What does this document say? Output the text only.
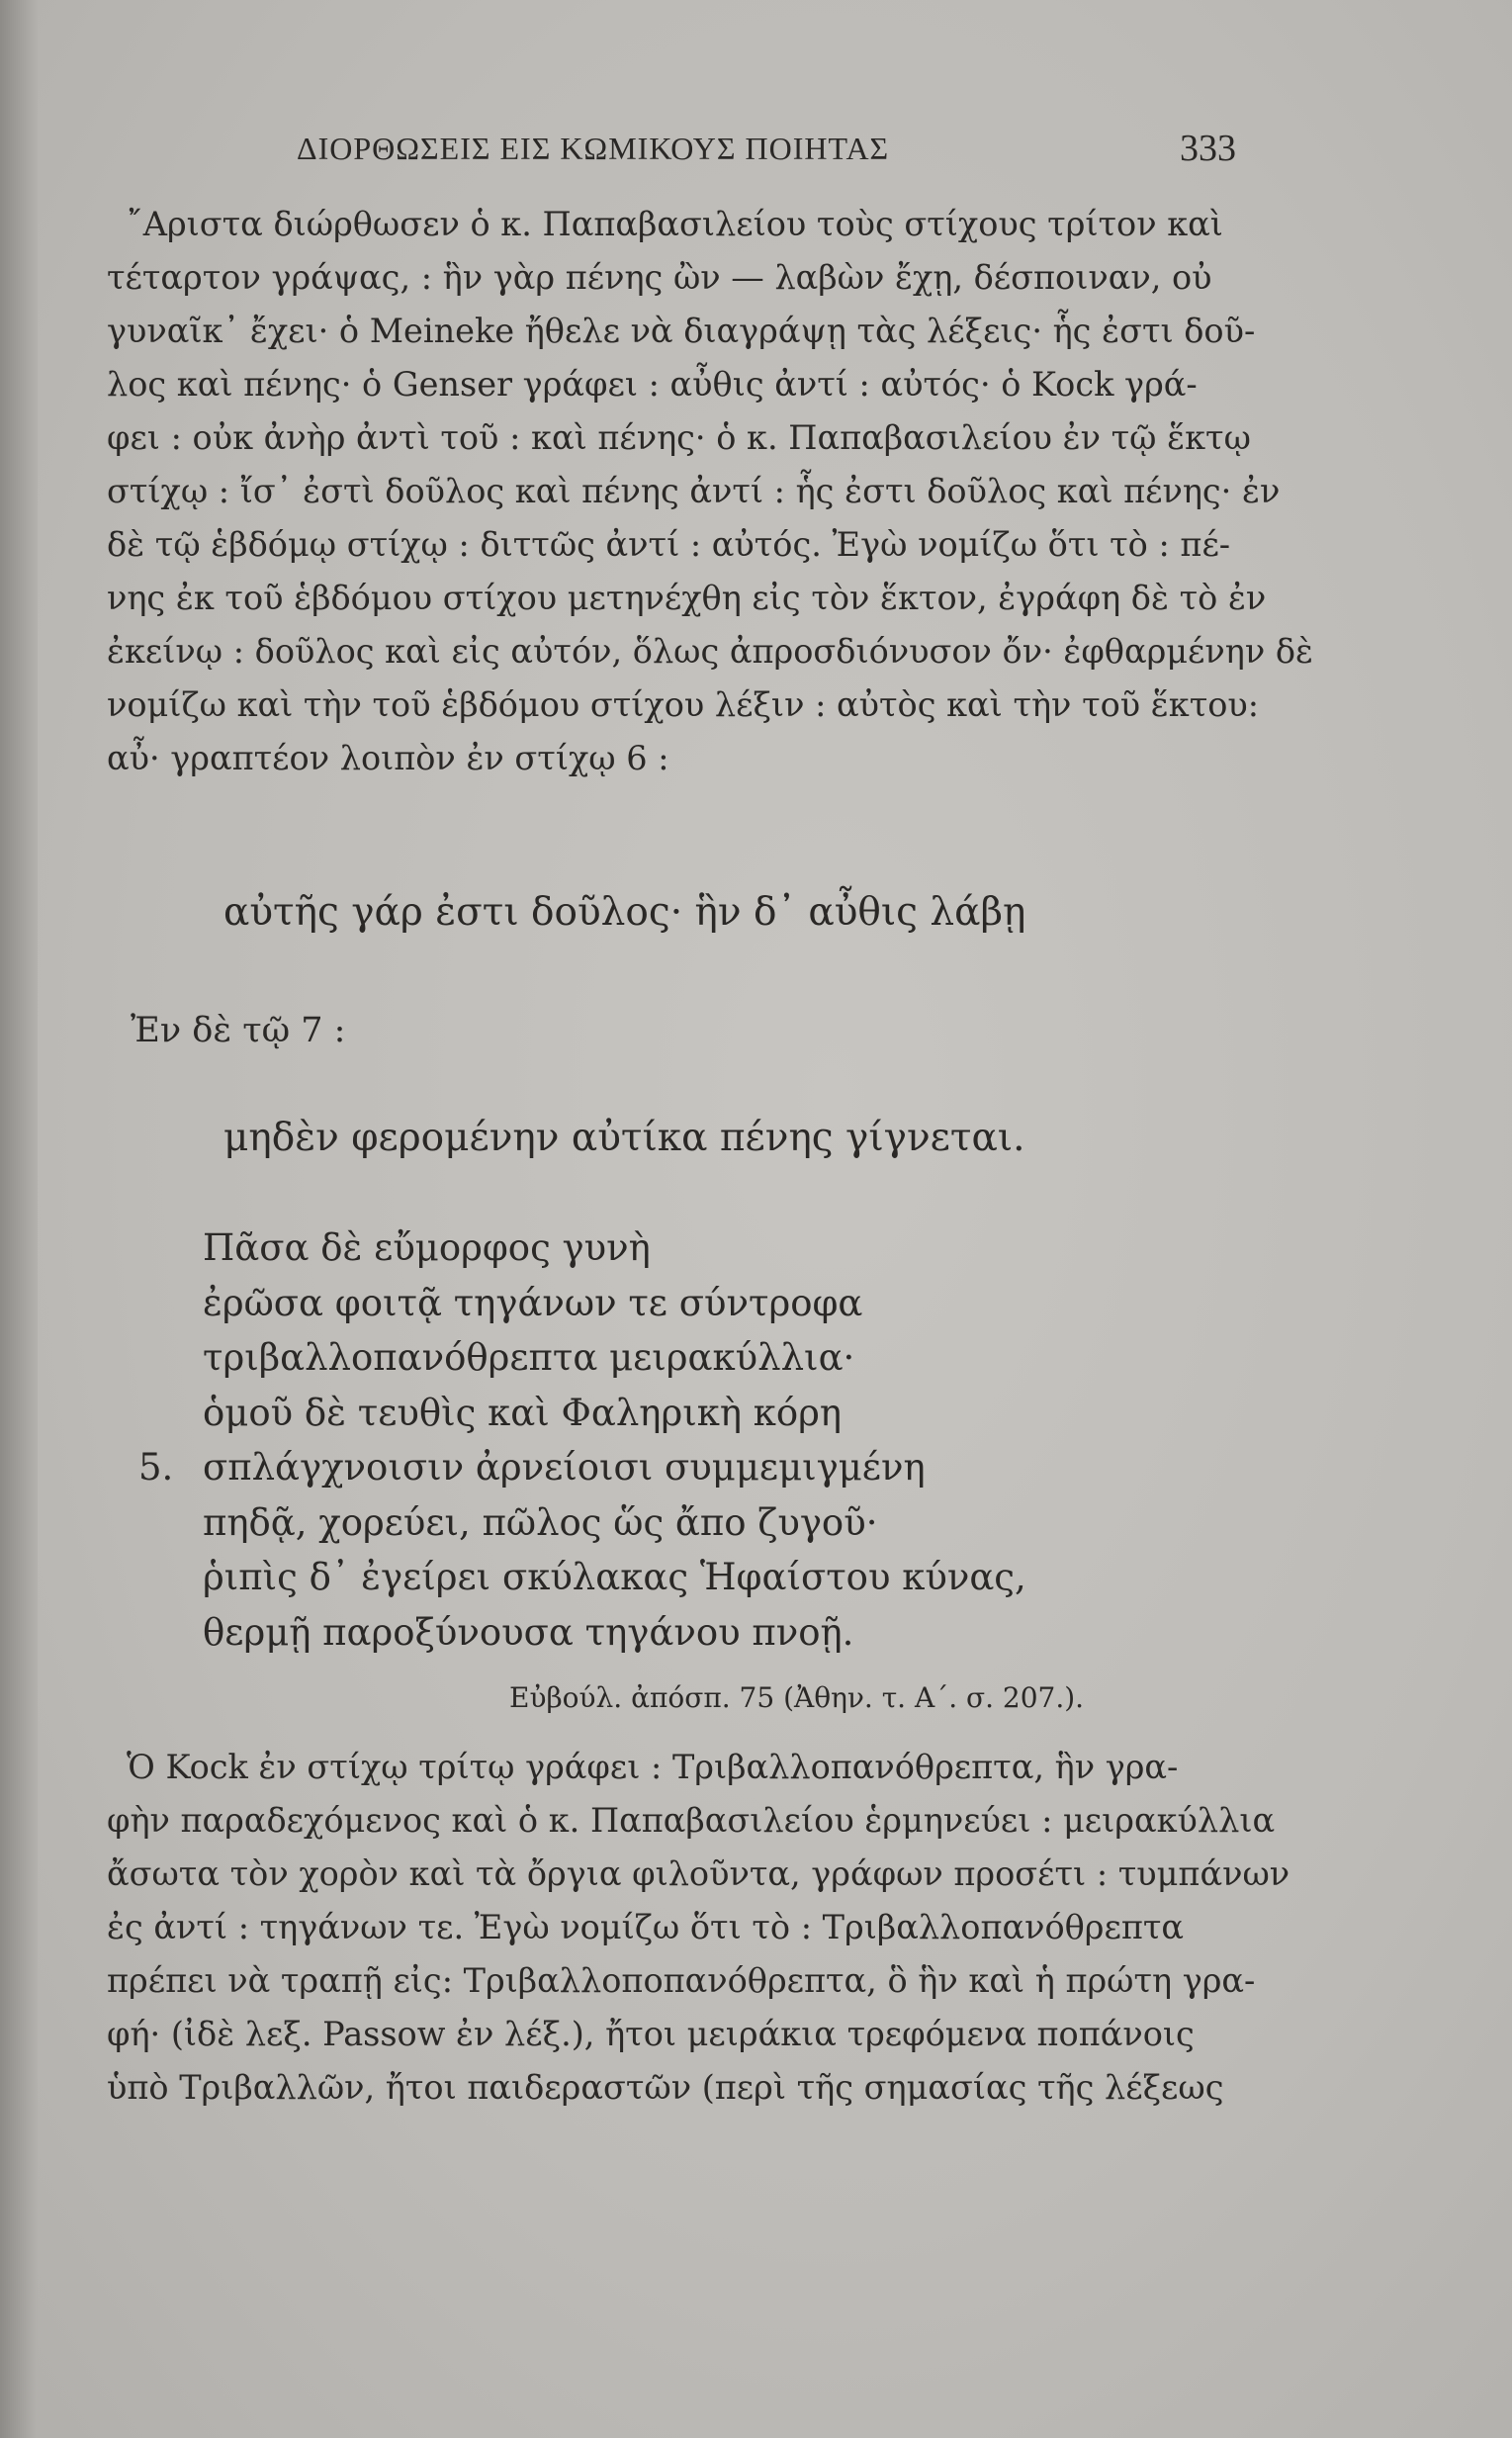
ΔΙΟΡΘΩΣΕΙΣ ΕΙΣ ΚΩΜΙΚΟΥΣ ΠΟΙΗΤΑΣ	333
῎Αριστα διώρθωσεν ὁ κ. Παπαβασιλείου τοὺς στίχους τρίτον καὶ
τέταρτον γράψας, : ἣν γὰρ πένης ὢν — λαβὼν ἔχῃ, δέσποιναν, οὐ
γυναῖκ᾽ ἔχει· ὁ Meineke ἤθελε νὰ διαγράψῃ τὰς λέξεις· ἧς ἐστι δοῦ-
λος καὶ πένης· ὁ Genser γράφει : αὖθις ἀντί : αὐτός· ὁ Kock γρά-
φει : οὐκ ἀνὴρ ἀντὶ τοῦ : καὶ πένης· ὁ κ. Παπαβασιλείου ἐν τῷ ἕκτῳ
στίχῳ : ἴσ᾽ ἐστὶ δοῦλος καὶ πένης ἀντί : ἧς ἐστι δοῦλος καὶ πένης· ἐν
δὲ τῷ ἑβδόμῳ στίχῳ : διττῶς ἀντί : αὐτός. Ἐγὼ νομίζω ὅτι τὸ : πέ-
νης ἐκ τοῦ ἑβδόμου στίχου μετηνέχθη εἰς τὸν ἕκτον, ἐγράφη δὲ τὸ ἐν
ἐκείνῳ : δοῦλος καὶ εἰς αὐτόν, ὅλως ἀπροσδιόνυσον ὄν· ἐφθαρμένην δὲ
νομίζω καὶ τὴν τοῦ ἑβδόμου στίχου λέξιν : αὐτὸς καὶ τὴν τοῦ ἕκτου:
αὖ· γραπτέον λοιπὸν ἐν στίχῳ 6 :
αὐτῆς γάρ ἐστι δοῦλος· ἣν δ᾽ αὖθις λάβῃ
Ἐν δὲ τῷ 7 :
μηδὲν φερομένην αὐτίκα πένης γίγνεται.
Πᾶσα δὲ εὔμορφος γυνὴ
ἐρῶσα φοιτᾷ τηγάνων τε σύντροφα
τριβαλλοπανόθρεπτα μειρακύλλια·
ὁμοῦ δὲ τευθὶς καὶ Φαληρικὴ κόρη
5. σπλάγχνοισιν ἀρνείοισι συμμεμιγμένη
πηδᾷ, χορεύει, πῶλος ὥς ἄπο ζυγοῦ·
ῥιπὶς δ᾽ ἐγείρει σκύλακας Ἡφαίστου κύνας,
θερμῇ παροξύνουσα τηγάνου πνοῇ.
Εὐβούλ. ἀπόσπ. 75 (Ἀθην. τ. Α΄. σ. 207.).
Ὁ Kock ἐν στίχῳ τρίτῳ γράφει : Τριβαλλοπανόθρεπτα, ἣν γρα-
φὴν παραδεχόμενος καὶ ὁ κ. Παπαβασιλείου ἑρμηνεύει : μειρακύλλια
ἄσωτα τὸν χορὸν καὶ τὰ ὄργια φιλοῦντα, γράφων προσέτι : τυμπάνων
ἐς ἀντί : τηγάνων τε. Ἐγὼ νομίζω ὅτι τὸ : Τριβαλλοπανόθρεπτα
πρέπει νὰ τραπῇ εἰς: Τριβαλλοποπανόθρεπτα, ὃ ἣν καὶ ἡ πρώτη γρα-
φή· (ἰδὲ λεξ. Passow ἐν λέξ.), ἤτοι μειράκια τρεφόμενα ποπάνοις
ὑπὸ Τριβαλλῶν, ἤτοι παιδεραστῶν (περὶ τῆς σημασίας τῆς λέξεως
